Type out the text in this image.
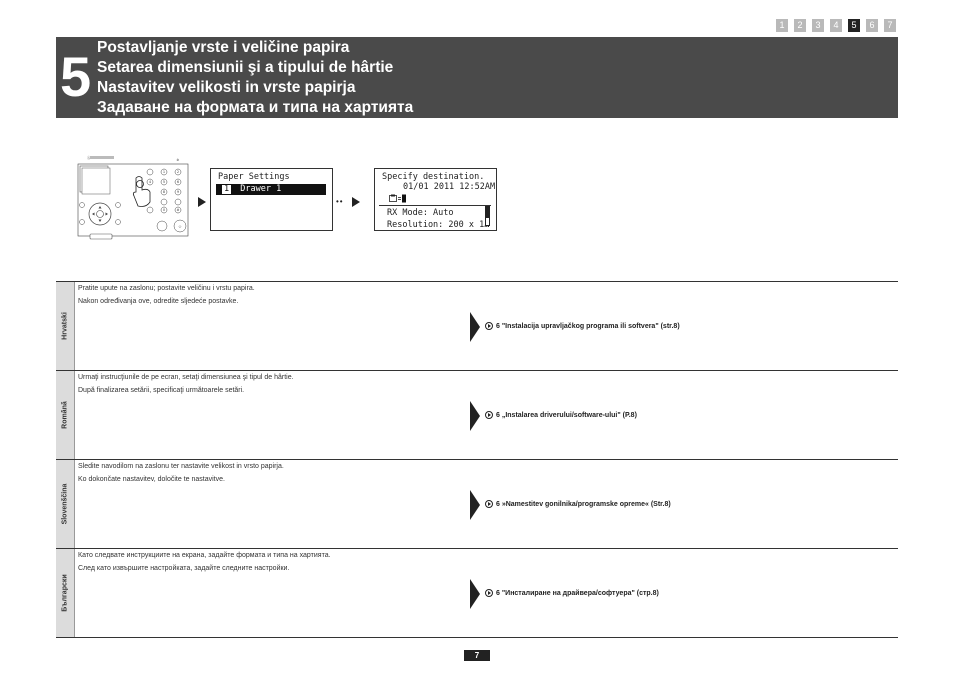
1	2	3	4	5	6	7
5 Postavljanje vrste i veličine papira
Setarea dimensiunii şi a tipului de hârtie
Nastavitev velikosti in vrste papirja
Задаване на формата и типа на хартията
Ⓐ
1	2
4	5	6
8	9
0	#
◇
✲
Paper Settings
1 Drawer 1
••
Specify destination.
01/01 2011 12:52AM
RX Mode: Auto
Resolution: 200 x 1…
Hrvatski
Pratite upute na zaslonu; postavite veličinu i vrstu papira.
Nakon određivanja ove, odredite sljedeće postavke.
6 "Instalacija upravljačkog programa ili softvera" (str.8)
Română
Urmaţi instrucţiunile de pe ecran, setaţi dimensiunea şi tipul de hârtie.
După finalizarea setării, specificaţi următoarele setări.
6 „Instalarea driverului/software-ului" (P.8)
Slovenščina
Sledite navodilom na zaslonu ter nastavite velikost in vrsto papirja.
Ko dokončate nastavitev, določite te nastavitve.
6 »Namestitev gonilnika/programske opreme« (Str.8)
Български
Като следвате инструкциите на екрана, задайте формата и типа на хартията.
След като извършите настройката, задайте следните настройки.
6 "Инсталиране на драйвера/софтуера" (стр.8)
7
